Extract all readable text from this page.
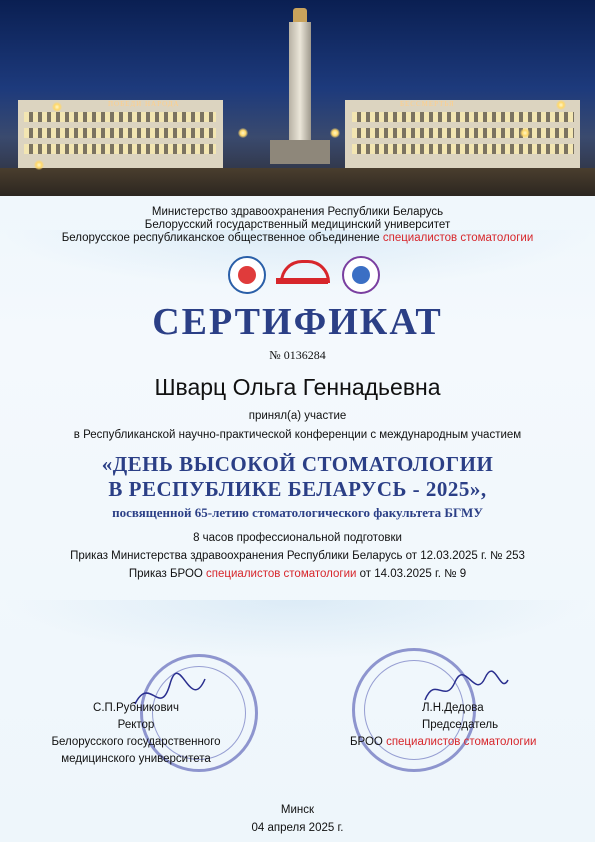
ПОБЕДИ НАРОДА	БЕССМЕРТЬЯ
Министерство здравоохранения Республики Беларусь
Белорусский государственный медицинский университет
Белорусское республиканское общественное объединение специалистов стоматологии
СЕРТИФИКАТ
№ 0136284
Шварц Ольга Геннадьевна
принял(а) участие
в Республиканской научно-практической конференции с международным участием
«ДЕНЬ ВЫСОКОЙ СТОМАТОЛОГИИ
В РЕСПУБЛИКЕ БЕЛАРУСЬ - 2025»,
посвященной 65-летию стоматологического факультета БГМУ
8 часов профессиональной подготовки
Приказ Министерства здравоохранения Республики Беларусь от 12.03.2025 г. № 253
Приказ БРОО специалистов стоматологии от 14.03.2025 г. № 9
С.П.Рубникович
Ректор
Белорусского государственного
медицинского университета
Л.Н.Дедова
Председатель
БРОО специалистов стоматологии
Минск
04 апреля 2025 г.
